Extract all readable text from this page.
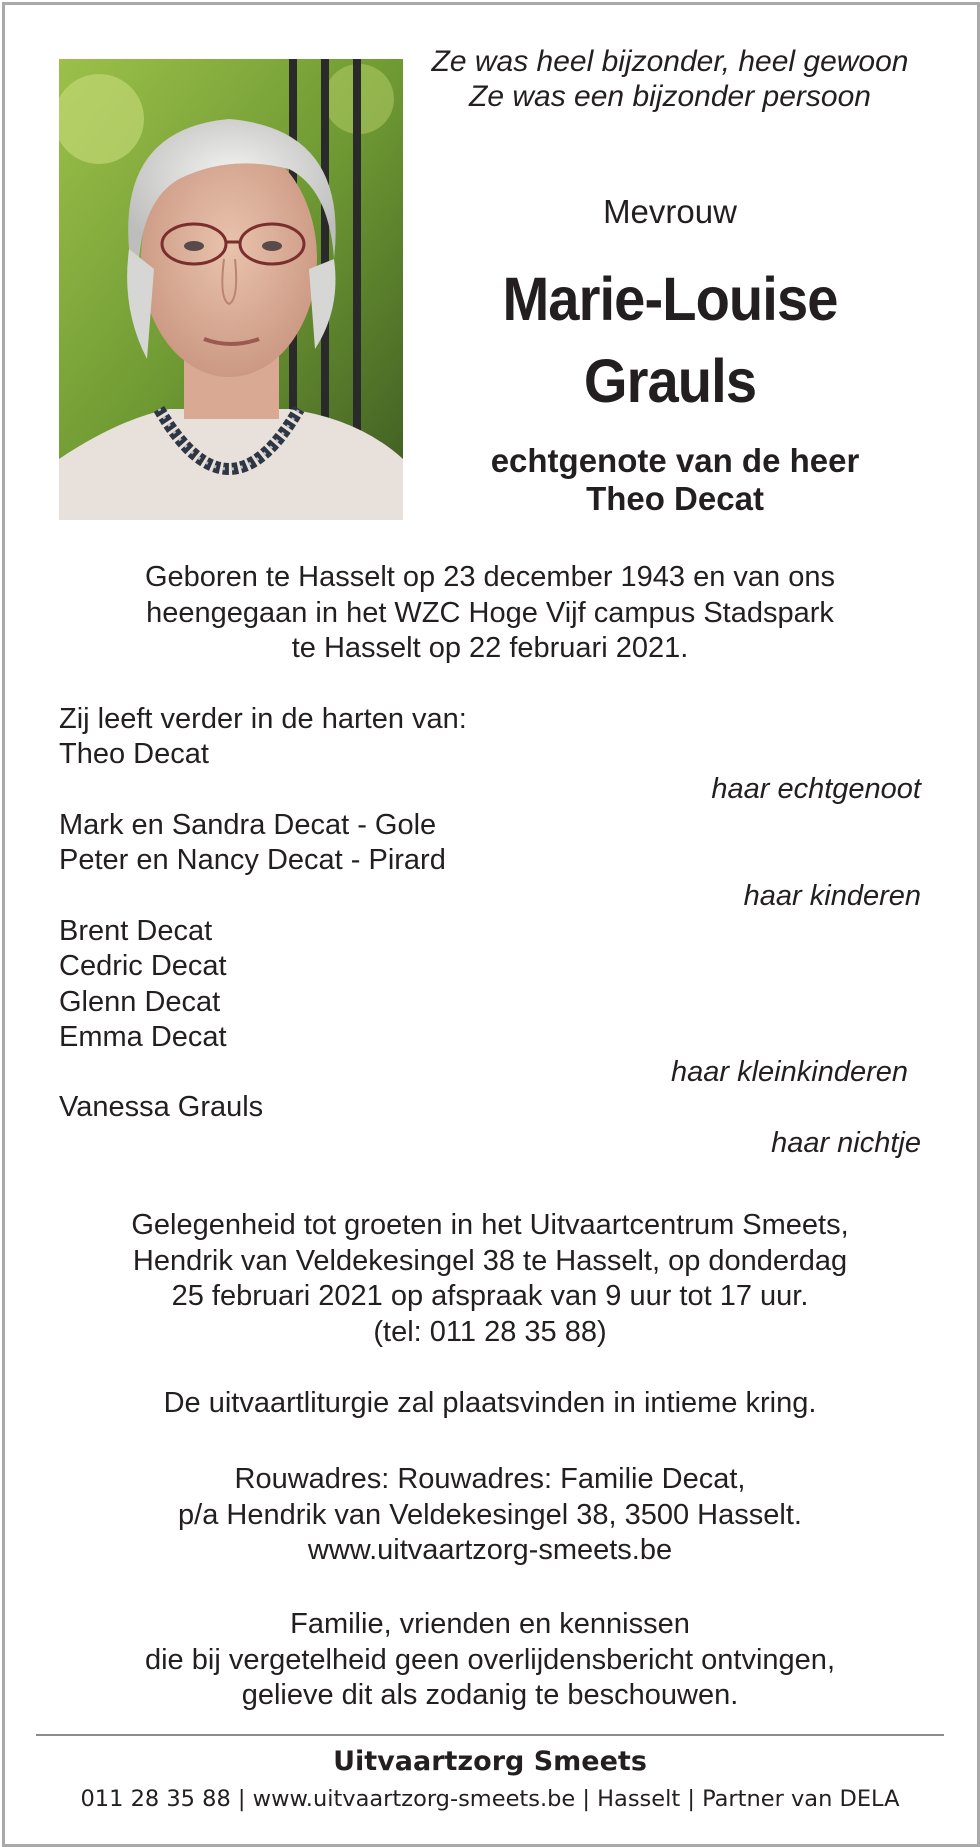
Ze was heel bijzonder, heel gewoon
Ze was een bijzonder persoon
Mevrouw
Marie-Louise
Grauls
echtgenote van de heer
Theo Decat
Geboren te Hasselt op 23 december 1943 en van ons
heengegaan in het WZC Hoge Vijf campus Stadspark
te Hasselt op 22 februari 2021.
Zij leeft verder in de harten van:
Theo Decat
haar echtgenoot
Mark en Sandra Decat - Gole
Peter en Nancy Decat - Pirard
haar kinderen
Brent Decat
Cedric Decat
Glenn Decat
Emma Decat
haar kleinkinderen
Vanessa Grauls
haar nichtje
Gelegenheid tot groeten in het Uitvaartcentrum Smeets,
Hendrik van Veldekesingel 38 te Hasselt, op donderdag
25 februari 2021 op afspraak van 9 uur tot 17 uur.
(tel: 011 28 35 88)
De uitvaartliturgie zal plaatsvinden in intieme kring.
Rouwadres: Rouwadres: Familie Decat,
p/a Hendrik van Veldekesingel 38, 3500 Hasselt.
www.uitvaartzorg-smeets.be
Familie, vrienden en kennissen
die bij vergetelheid geen overlijdensbericht ontvingen,
gelieve dit als zodanig te beschouwen.
Uitvaartzorg Smeets
011 28 35 88 | www.uitvaartzorg-smeets.be | Hasselt | Partner van DELA
